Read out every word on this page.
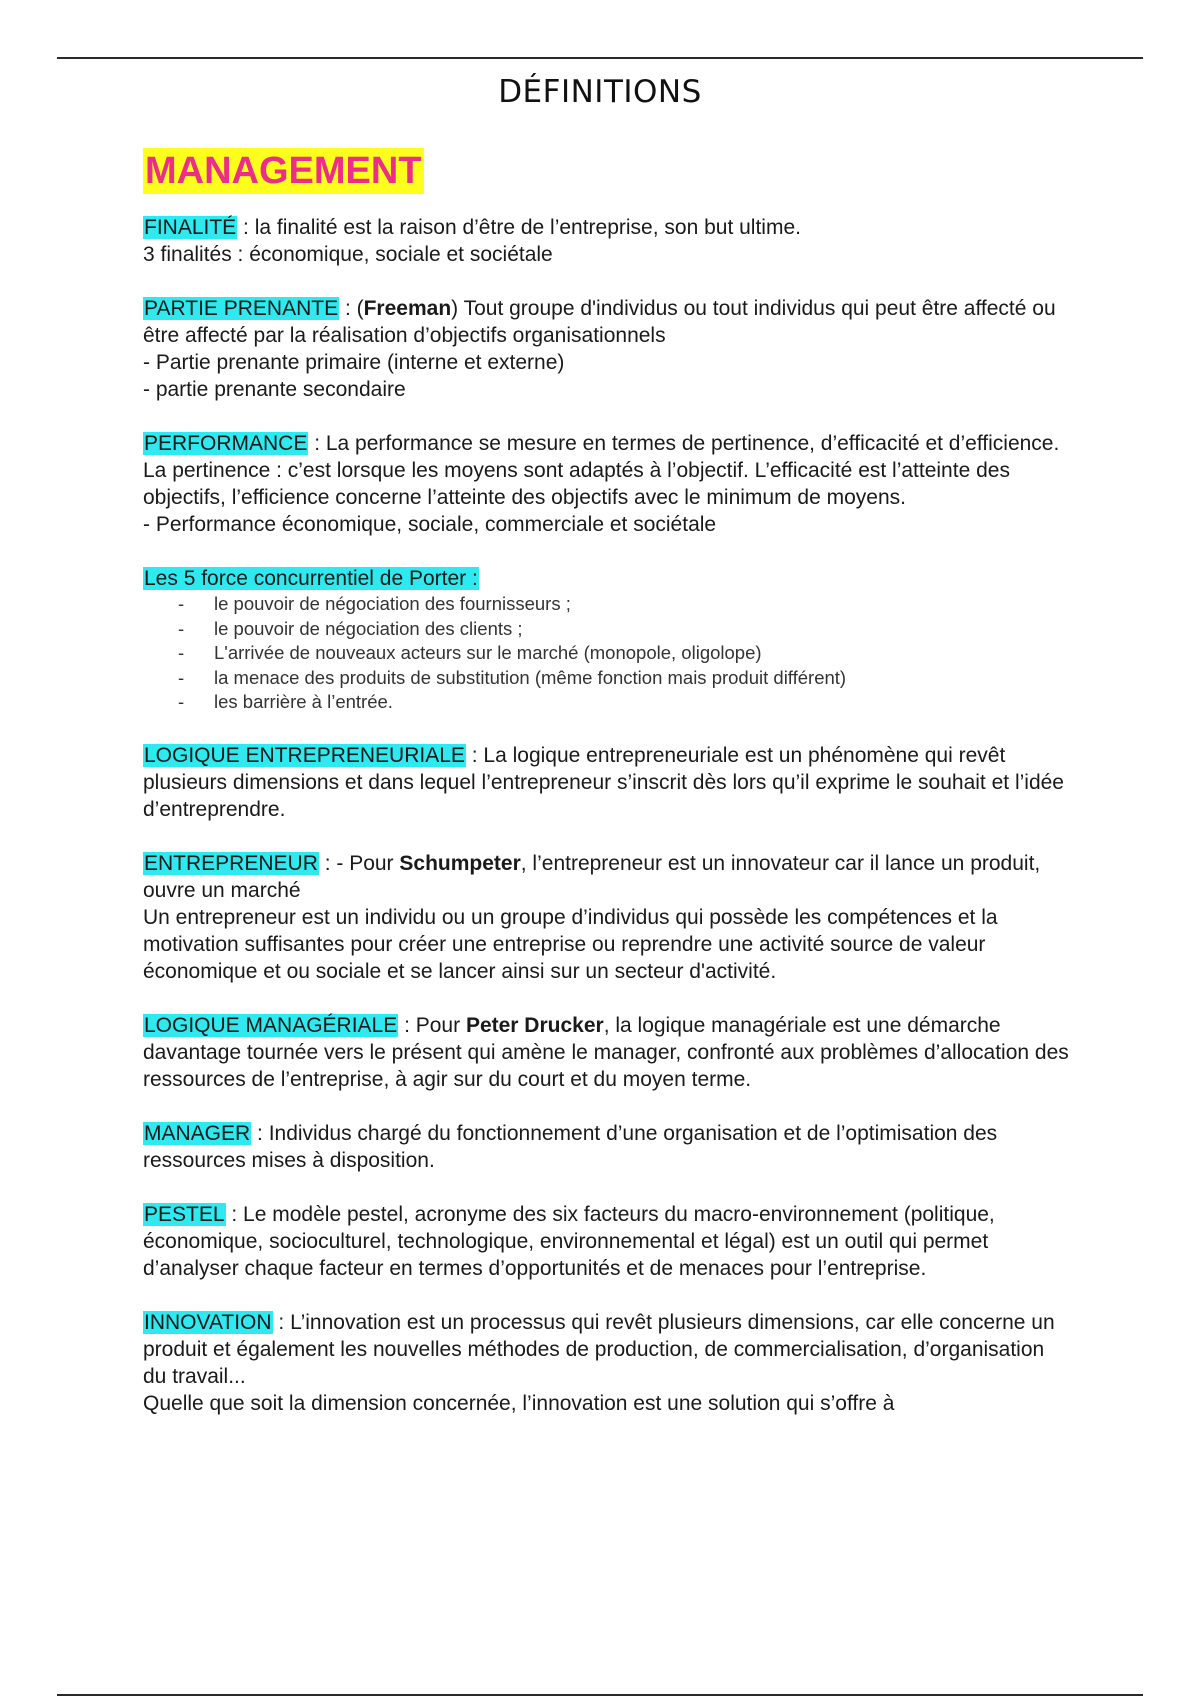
DÉFINITIONS
MANAGEMENT

FINALITÉ : la finalité est la raison d’être de l’entreprise, son but ultime.

3 finalités : économique, sociale et sociétale

PARTIE PRENANTE : (Freeman) Tout groupe d'individus ou tout individus qui peut être affecté ou être affecté par la réalisation d’objectifs organisationnels

- Partie prenante primaire (interne et externe)

- partie prenante secondaire

PERFORMANCE : La performance se mesure en termes de pertinence, d’efficacité et d’efficience. La pertinence : c’est lorsque les moyens sont adaptés à l’objectif. L’efficacité est l’atteinte des objectifs, l’efficience concerne l’atteinte des objectifs avec le minimum de moyens.

- Performance économique, sociale, commerciale et sociétale

Les 5 force concurrentiel de Porter :

- le pouvoir de négociation des fournisseurs ;
- le pouvoir de négociation des clients ;
- L'arrivée de nouveaux acteurs sur le marché (monopole, oligolope)
- la menace des produits de substitution (même fonction mais produit différent)
- les barrière à l’entrée.

LOGIQUE ENTREPRENEURIALE : La logique entrepreneuriale est un phénomène qui revêt plusieurs dimensions et dans lequel l’entrepreneur s’inscrit dès lors qu’il exprime le souhait et l’idée d’entreprendre.

ENTREPRENEUR : - Pour Schumpeter, l’entrepreneur est un innovateur car il lance un produit, ouvre un marché

Un entrepreneur est un individu ou un groupe d’individus qui possède les compétences et la motivation suffisantes pour créer une entreprise ou reprendre une activité source de valeur économique et ou sociale et se lancer ainsi sur un secteur d'activité.

LOGIQUE MANAGÉRIALE : Pour Peter Drucker, la logique managériale est une démarche davantage tournée vers le présent qui amène le manager, confronté aux problèmes d’allocation des ressources de l’entreprise, à agir sur du court et du moyen terme.

MANAGER : Individus chargé du fonctionnement d’une organisation et de l’optimisation des ressources mises à disposition.

PESTEL : Le modèle pestel, acronyme des six facteurs du macro-environnement (politique, économique, socioculturel, technologique, environnemental et légal) est un outil qui permet d’analyser chaque facteur en termes d’opportunités et de menaces pour l’entreprise.

INNOVATION : L’innovation est un processus qui revêt plusieurs dimensions, car elle concerne un produit et également les nouvelles méthodes de production, de commercialisation, d’organisation du travail...

Quelle que soit la dimension concernée, l’innovation est une solution qui s’offre à
